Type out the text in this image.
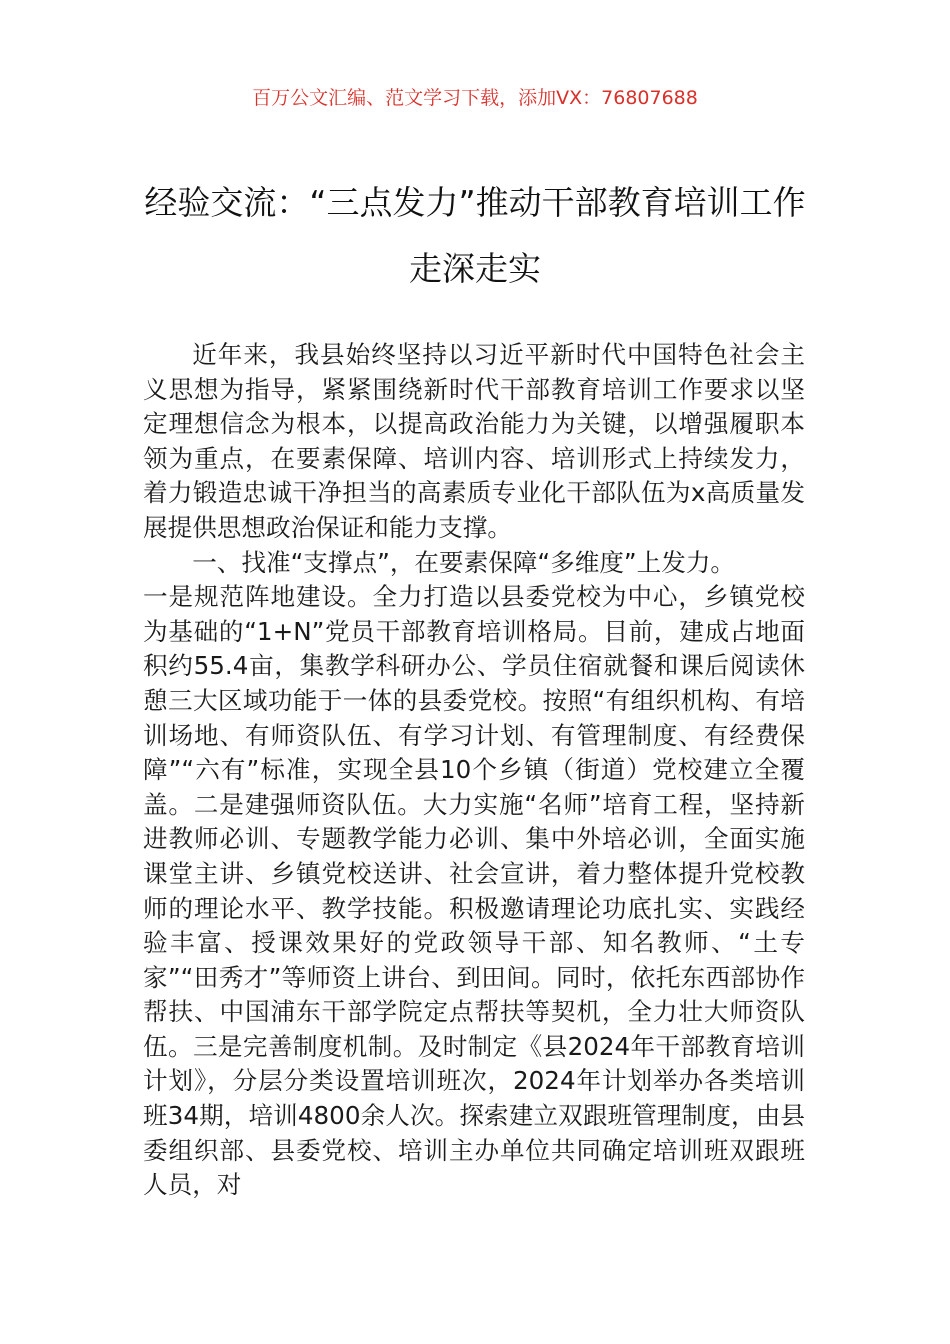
百万公文汇编、范文学习下载，添加VX：76807688
经验交流：“三点发力”推动干部教育培训工作走深走实

近年来，我县始终坚持以习近平新时代中国特色社会主义思想为指导，紧紧围绕新时代干部教育培训工作要求以坚定理想信念为根本，以提高政治能力为关键，以增强履职本领为重点，在要素保障、培训内容、培训形式上持续发力，着力锻造忠诚干净担当的高素质专业化干部队伍为x高质量发展提供思想政治保证和能力支撑。

一、找准“支撑点”，在要素保障“多维度”上发力。

一是规范阵地建设。全力打造以县委党校为中心，乡镇党校为基础的“1+N”党员干部教育培训格局。目前，建成占地面积约55.4亩，集教学科研办公、学员住宿就餐和课后阅读休憩三大区域功能于一体的县委党校。按照“有组织机构、有培训场地、有师资队伍、有学习计划、有管理制度、有经费保障”“六有”标准，实现全县10个乡镇（街道）党校建立全覆盖。二是建强师资队伍。大力实施“名师”培育工程，坚持新进教师必训、专题教学能力必训、集中外培必训，全面实施课堂主讲、乡镇党校送讲、社会宣讲，着力整体提升党校教师的理论水平、教学技能。积极邀请理论功底扎实、实践经验丰富、授课效果好的党政领导干部、知名教师、“土专家”“田秀才”等师资上讲台、到田间。同时，依托东西部协作帮扶、中国浦东干部学院定点帮扶等契机，全力壮大师资队伍。三是完善制度机制。及时制定《县2024年干部教育培训计划》，分层分类设置培训班次，2024年计划举办各类培训班34期，培训4800余人次。探索建立双跟班管理制度，由县委组织部、县委党校、培训主办单位共同确定培训班双跟班人员，对
